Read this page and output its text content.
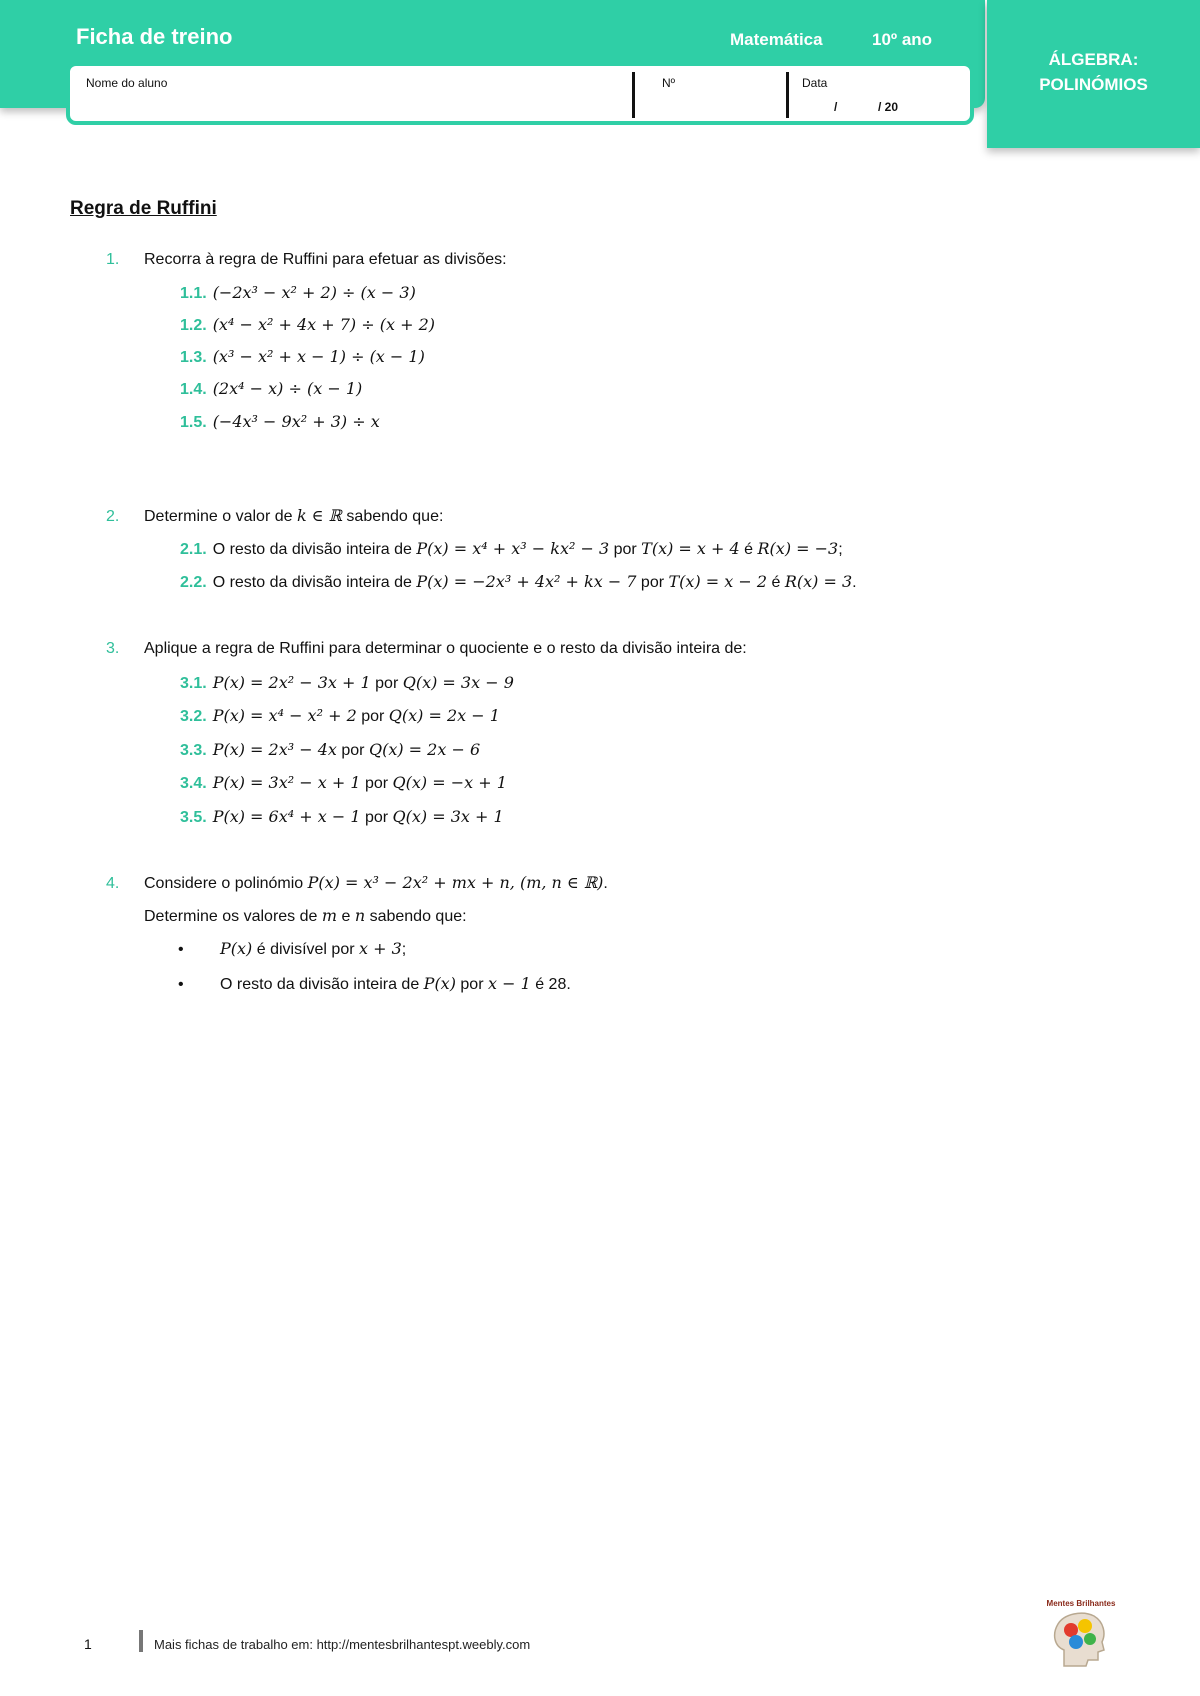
Ficha de treino	Matemática	10º ano
Nome do aluno	Nº	Data
/	/ 20
ÁLGEBRA:
POLINÓMIOS
Regra de Ruffini
1. Recorra à regra de Ruffini para efetuar as divisões:
1.1. (−2x³ − x² + 2) ÷ (x − 3)
1.2. (x⁴ − x² + 4x + 7) ÷ (x + 2)
1.3. (x³ − x² + x − 1) ÷ (x − 1)
1.4. (2x⁴ − x) ÷ (x − 1)
1.5. (−4x³ − 9x² + 3) ÷ x
2. Determine o valor de k ∈ ℝ sabendo que:
2.1. O resto da divisão inteira de P(x) = x⁴ + x³ − kx² − 3 por T(x) = x + 4 é R(x) = −3;
2.2. O resto da divisão inteira de P(x) = −2x³ + 4x² + kx − 7 por T(x) = x − 2 é R(x) = 3.
3. Aplique a regra de Ruffini para determinar o quociente e o resto da divisão inteira de:
3.1. P(x) = 2x² − 3x + 1 por Q(x) = 3x − 9
3.2. P(x) = x⁴ − x² + 2 por Q(x) = 2x − 1
3.3. P(x) = 2x³ − 4x por Q(x) = 2x − 6
3.4. P(x) = 3x² − x + 1 por Q(x) = −x + 1
3.5. P(x) = 6x⁴ + x − 1 por Q(x) = 3x + 1
4. Considere o polinómio P(x) = x³ − 2x² + mx + n, (m, n ∈ ℝ).
Determine os valores de m e n sabendo que:
• P(x) é divisível por x + 3;
• O resto da divisão inteira de P(x) por x − 1 é 28.
1	Mais fichas de trabalho em: http://mentesbrilhantespt.weebly.com
Mentes Brilhantes
